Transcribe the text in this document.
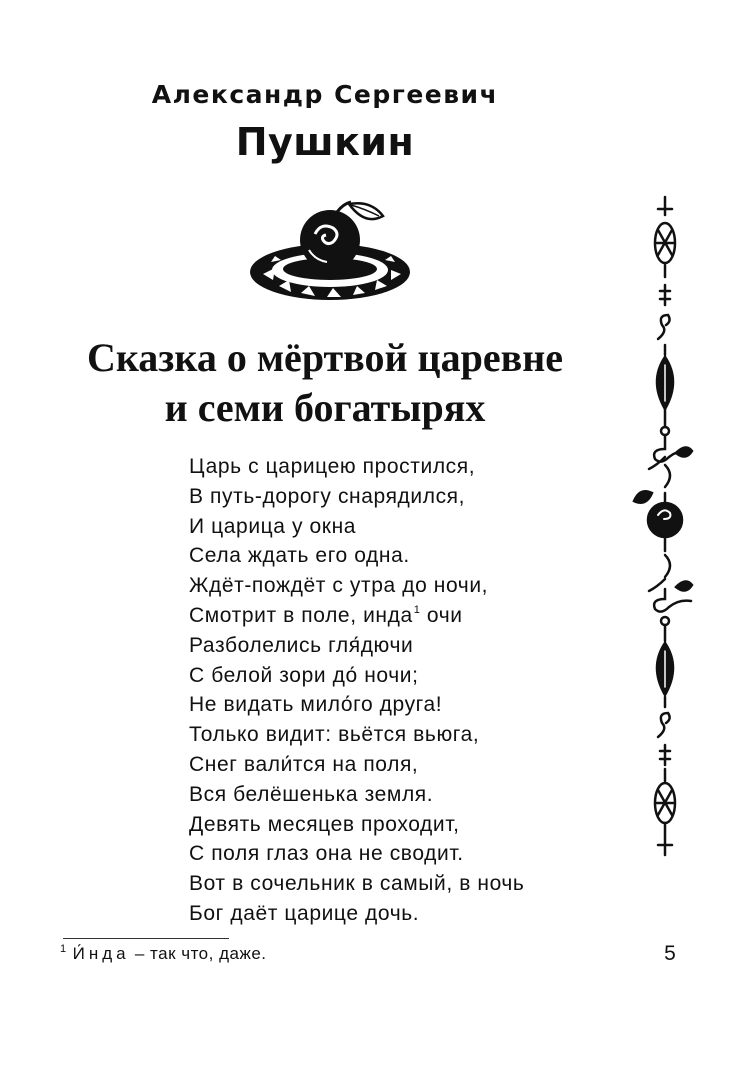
Александр Сергеевич
Пушкин
Сказка о мёртвой царевне
и семи богатырях
Царь с царицею простился,
В путь-дорогу снарядился,
И царица у окна
Села ждать его одна.
Ждёт-пождёт с утра до ночи,
Смотрит в поле, инда$^1$ очи
Разболелись гля́дючи
С белой зори до́ ночи;
Не видать мило́го друга!
Только видит: вьётся вьюга,
Снег вали́тся на поля,
Вся белёшенька земля.
Девять месяцев проходит,
С поля глаз она не сводит.
Вот в сочельник в самый, в ночь
Бог даёт царице дочь.
$^1$ И́нда – так что, даже.	5
